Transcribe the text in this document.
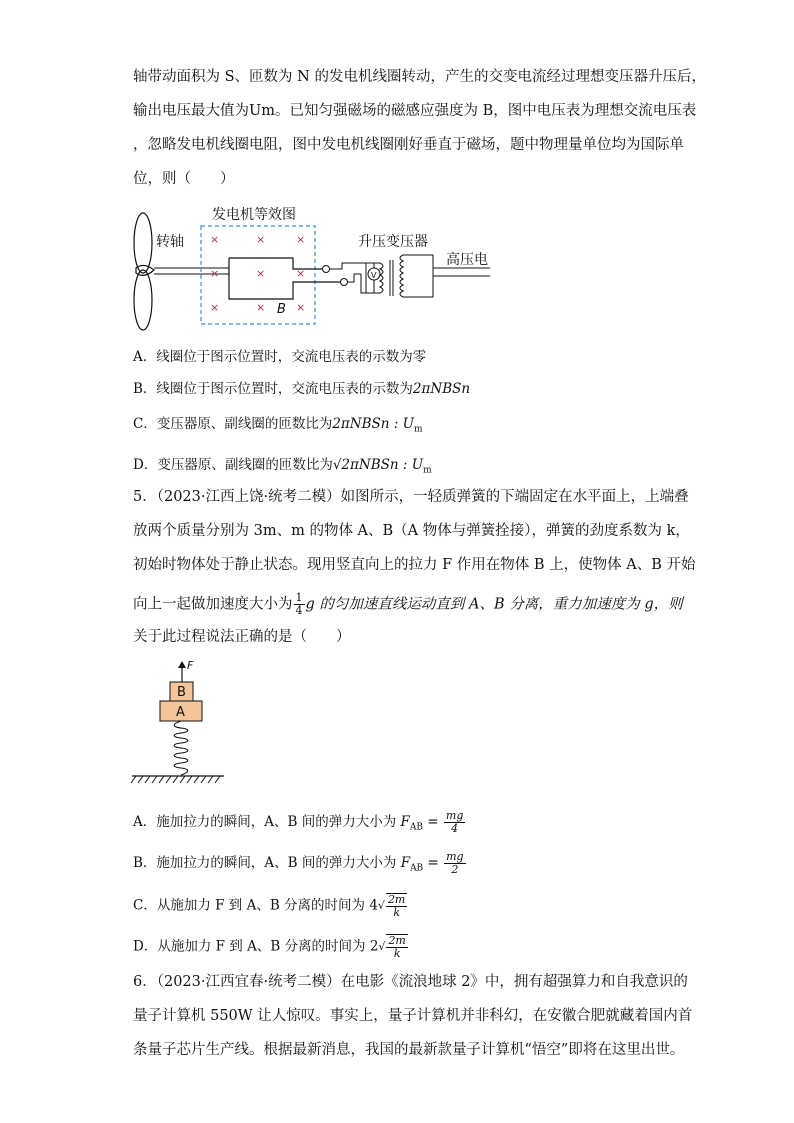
轴带动面积为 S、匝数为 N 的发电机线圈转动，产生的交变电流经过理想变压器升压后，
输出电压最大值为Um。已知匀强磁场的磁感应强度为 B，图中电压表为理想交流电压表
，忽略发电机线圈电阻，图中发电机线圈刚好垂直于磁场，题中物理量单位均为国际单
位，则（　　）
转轴
发电机等效图
×	×	×
×	×	×
×	×	×
B
V
升压变压器
高压电
A．线圈位于图示位置时，交流电压表的示数为零
B．线圈位于图示位置时，交流电压表的示数为2πNBSn
C．变压器原、副线圈的匝数比为2πNBSn : $U_m$
D．变压器原、副线圈的匝数比为√2πNBSn : $U_m$
5．（2023·江西上饶·统考二模）如图所示，一轻质弹簧的下端固定在水平面上，上端叠
放两个质量分别为 3m、m 的物体 A、B（A 物体与弹簧拴接），弹簧的劲度系数为 k，
初始时物体处于静止状态。现用竖直向上的拉力 F 作用在物体 B 上，使物体 A、B 开始
向上一起做加速度大小为 $\frac{1}{4}$ g 的匀加速直线运动直到 A、B 分离，重力加速度为 g，则
关于此过程说法正确的是（　　）
F
B
A
A．施加拉力的瞬间，A、B 间的弹力大小为 $F_{AB} = \frac{mg}{4}$
B．施加拉力的瞬间，A、B 间的弹力大小为 $F_{AB} = \frac{mg}{2}$
C．从施加力 F 到 A、B 分离的时间为 $4√ \frac{2m}{k}$
D．从施加力 F 到 A、B 分离的时间为 $2√ \frac{2m}{k}$
6．（2023·江西宜春·统考二模）在电影《流浪地球 2》中，拥有超强算力和自我意识的
量子计算机 550W 让人惊叹。事实上，量子计算机并非科幻，在安徽合肥就藏着国内首
条量子芯片生产线。根据最新消息，我国的最新款量子计算机“悟空”即将在这里出世。
